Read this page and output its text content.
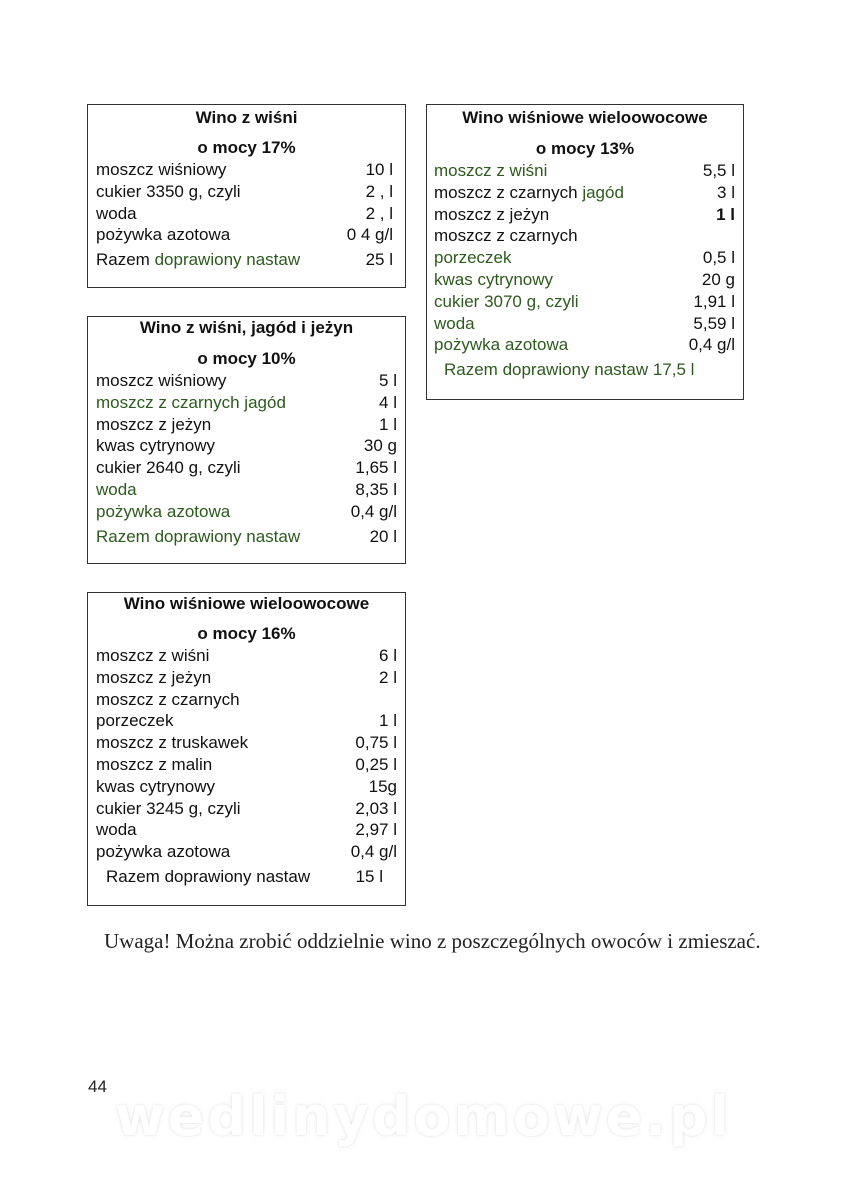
Wino z wiśni
o mocy 17%
moszcz wiśniowy	10 l
cukier 3350 g, czyli	2 , l
woda	2 , l
pożywka azotowa	0 4 g/l
Razem doprawiony nastaw	25 l
Wino z wiśni, jagód i jeżyn
o mocy 10%
moszcz wiśniowy	5 l
moszcz z czarnych jagód	4 l
moszcz z jeżyn	1 l
kwas cytrynowy	30 g
cukier 2640 g, czyli	1,65 l
woda	8,35 l
pożywka azotowa	0,4 g/l
Razem doprawiony nastaw	20 l
Wino wiśniowe wieloowocowe
o mocy 13%
moszcz z wiśni	5,5 l
moszcz z czarnych jagód	3 l
moszcz z jeżyn	1 l
moszcz z czarnych
porzeczek	0,5 l
kwas cytrynowy	20 g
cukier 3070 g, czyli	1,91 l
woda	5,59 l
pożywka azotowa	0,4 g/l
Razem doprawiony nastaw 17,5 l
Wino wiśniowe wieloowocowe
o mocy 16%
moszcz z wiśni	6 l
moszcz z jeżyn	2 l
moszcz z czarnych
porzeczek	1 l
moszcz z truskawek	0,75 l
moszcz z malin	0,25 l
kwas cytrynowy	15g
cukier 3245 g, czyli	2,03 l
woda	2,97 l
pożywka azotowa	0,4 g/l
Razem doprawiony nastaw	15 l
Uwaga! Można zrobić oddzielnie wino z poszczególnych owoców i zmieszać.
44 wedlinydomowe.pl
